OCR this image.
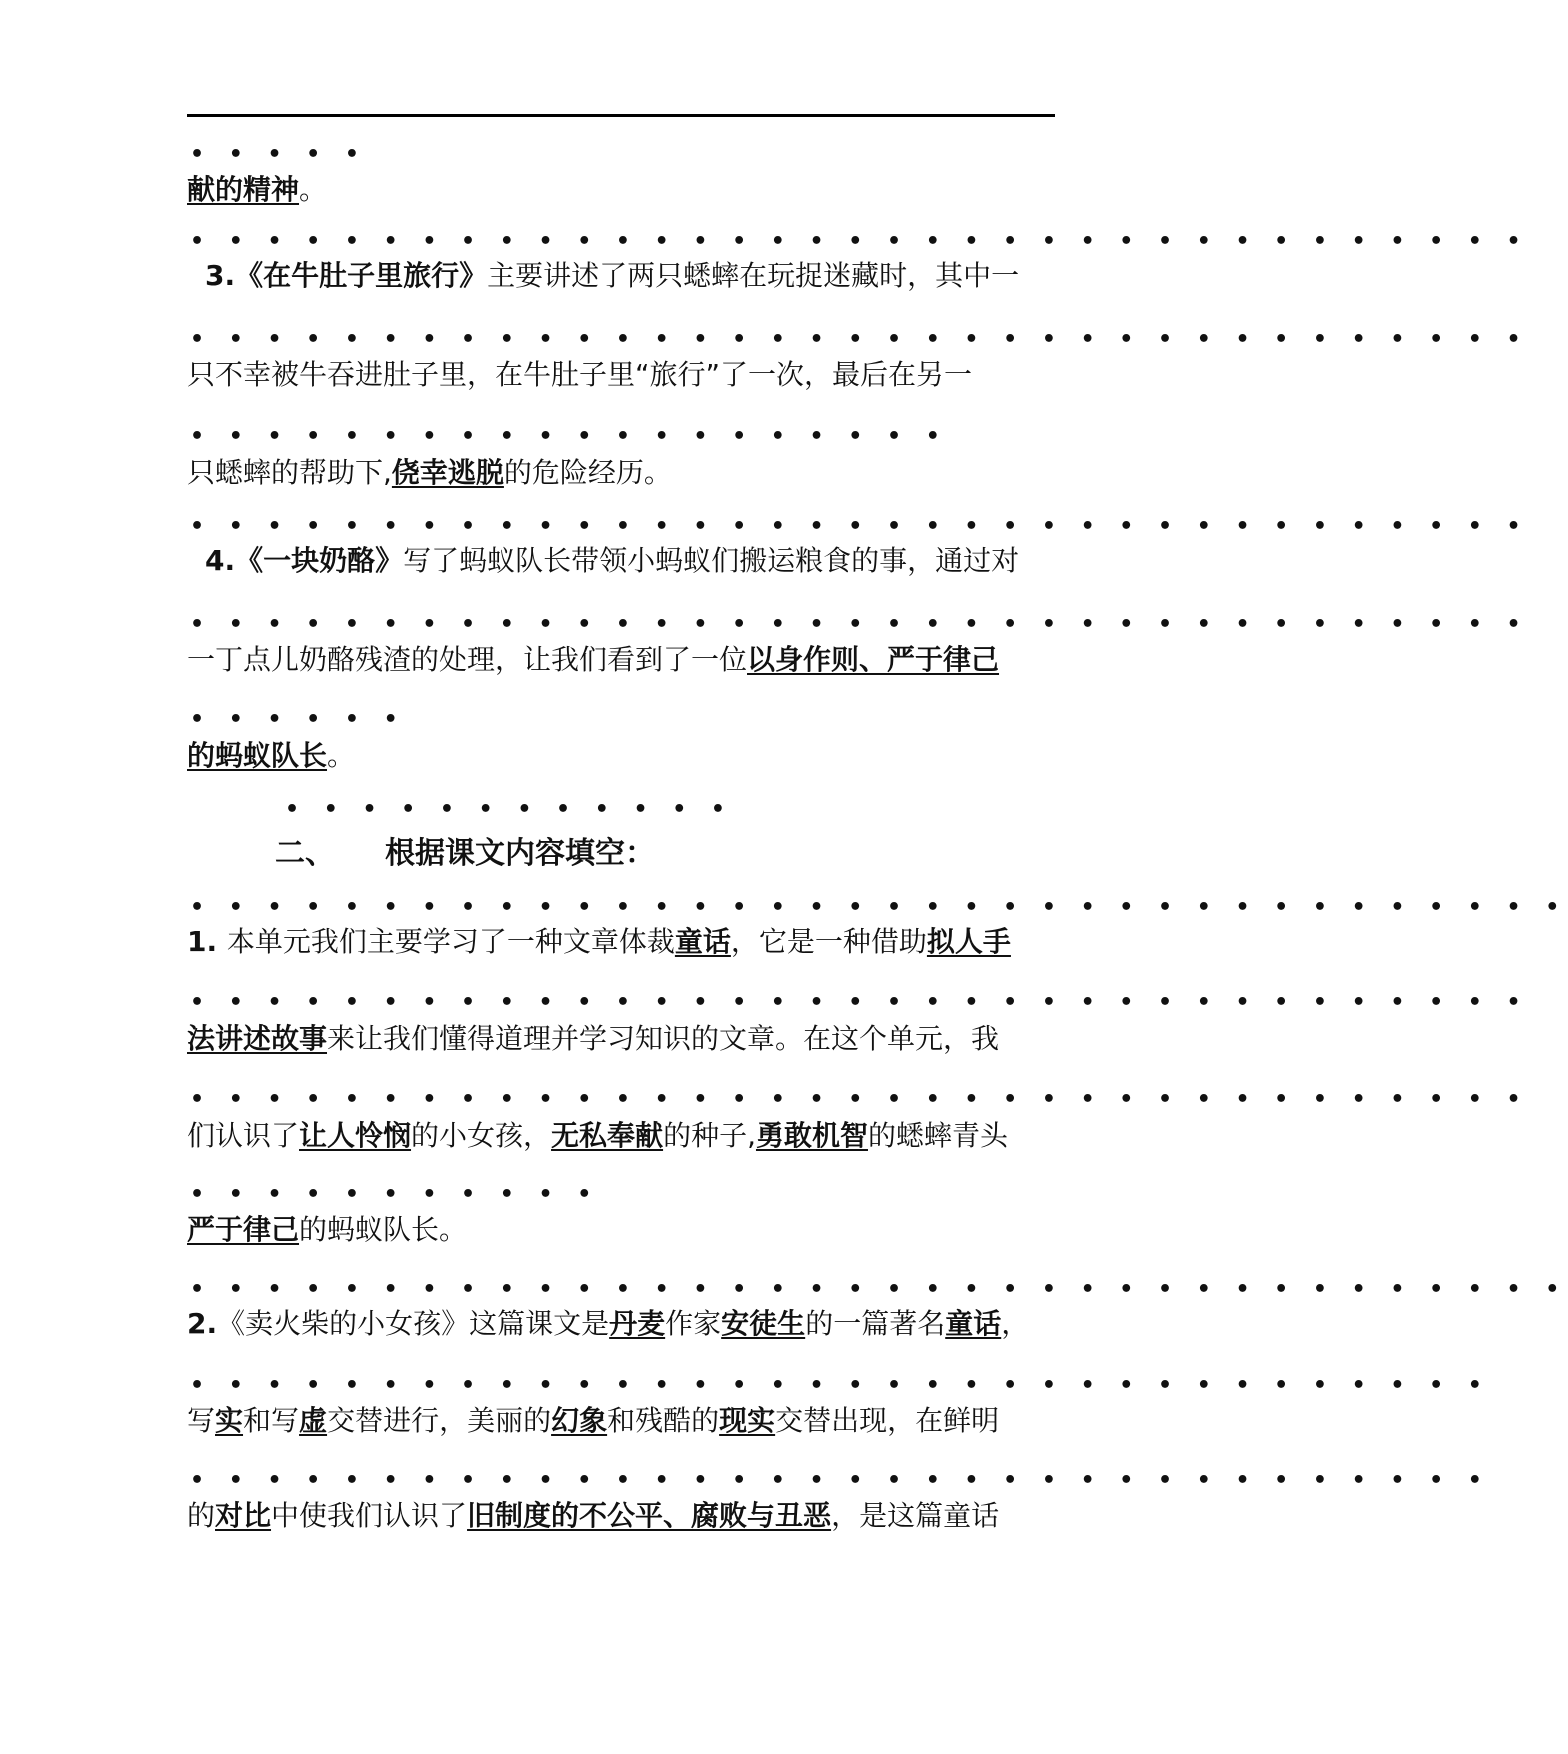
• • • • •
献的精神。
• • • • • • • • • • • • • • • • • • • • • • • • • • • • • • • • • • •
3.《在牛肚子里旅行》主要讲述了两只蟋蟀在玩捉迷藏时，其中一
• • • • • • • • • • • • • • • • • • • • • • • • • • • • • • • • • • •
只不幸被牛吞进肚子里，在牛肚子里“旅行”了一次，最后在另一
• • • • • • • • • • • • • • • • • • • •
只蟋蟀的帮助下,侥幸逃脱的危险经历。
• • • • • • • • • • • • • • • • • • • • • • • • • • • • • • • • • • •
4.《一块奶酪》写了蚂蚁队长带领小蚂蚁们搬运粮食的事，通过对
• • • • • • • • • • • • • • • • • • • • • • • • • • • • • • • • • • •
一丁点儿奶酪残渣的处理，让我们看到了一位以身作则、严于律己
• • • • • •
的蚂蚁队长。
• • • • • • • • • • • •
二、 根据课文内容填空：
• • • • • • • • • • • • • • • • • • • • • • • • • • • • • • • • • • • •
1. 本单元我们主要学习了一种文章体裁童话，它是一种借助拟人手
• • • • • • • • • • • • • • • • • • • • • • • • • • • • • • • • • • •
法讲述故事来让我们懂得道理并学习知识的文章。在这个单元，我
• • • • • • • • • • • • • • • • • • • • • • • • • • • • • • • • • • •
们认识了让人怜悯的小女孩，无私奉献的种子,勇敢机智的蟋蟀青头
• • • • • • • • • • •
严于律己的蚂蚁队长。
• • • • • • • • • • • • • • • • • • • • • • • • • • • • • • • • • • • •
2.《卖火柴的小女孩》这篇课文是丹麦作家安徒生的一篇著名童话，
• • • • • • • • • • • • • • • • • • • • • • • • • • • • • • • • • •
写实和写虚交替进行，美丽的幻象和残酷的现实交替出现，在鲜明
• • • • • • • • • • • • • • • • • • • • • • • • • • • • • • • • • •
的对比中使我们认识了旧制度的不公平、腐败与丑恶，是这篇童话
